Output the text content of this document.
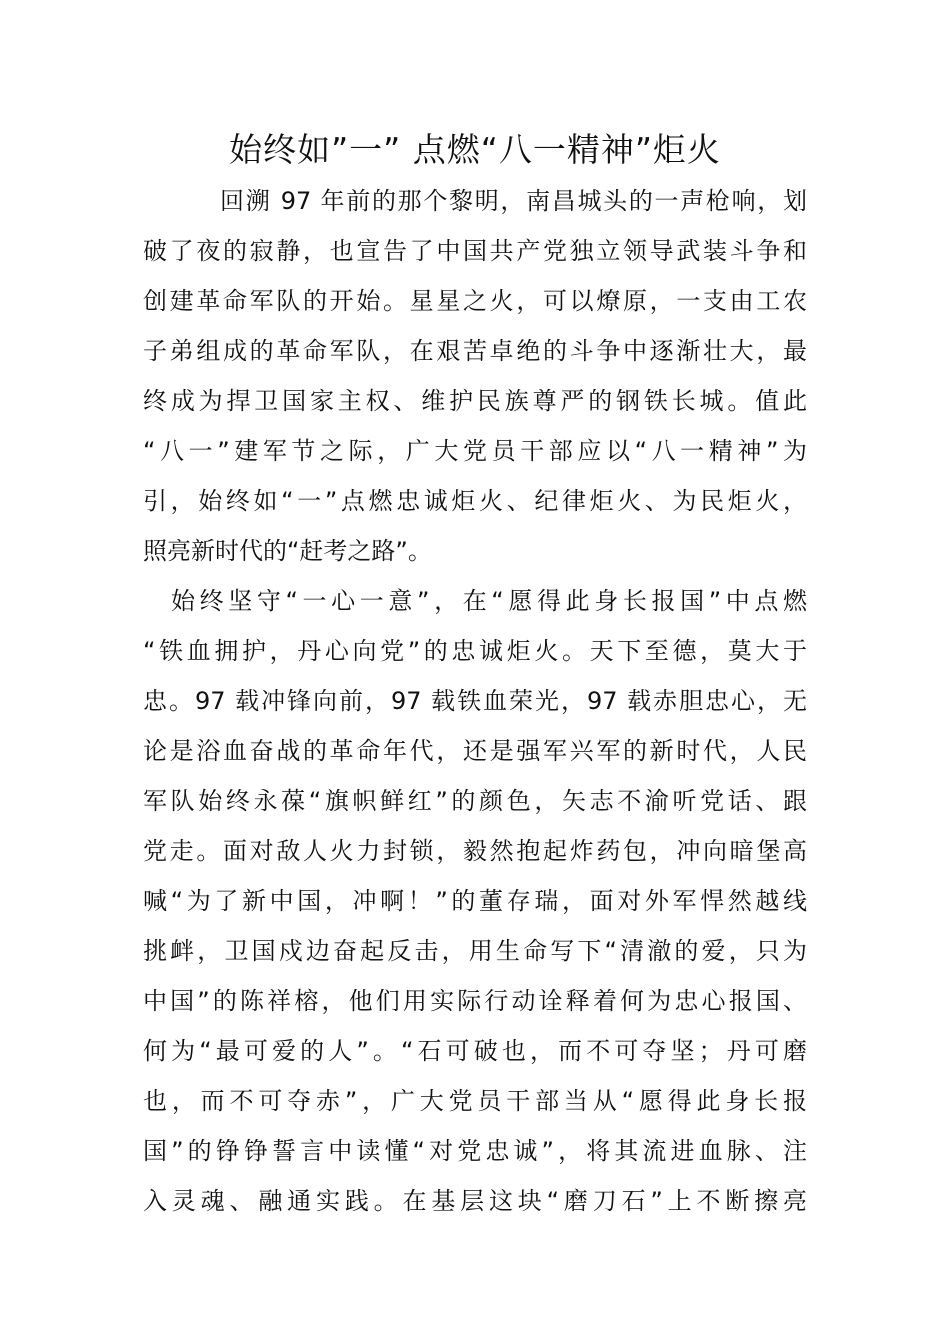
始终如”一” 点燃“八一精神”炬火
回溯 97 年前的那个黎明，南昌城头的一声枪响，划
破了夜的寂静，也宣告了中国共产党独立领导武装斗争和
创建革命军队的开始。星星之火，可以燎原，一支由工农
子弟组成的革命军队，在艰苦卓绝的斗争中逐渐壮大，最
终成为捍卫国家主权、维护民族尊严的钢铁长城。值此
“八一”建军节之际，广大党员干部应以“八一精神”为
引，始终如“一”点燃忠诚炬火、纪律炬火、为民炬火，
照亮新时代的“赶考之路”。
始终坚守“一心一意”，在“愿得此身长报国”中点燃
“铁血拥护，丹心向党”的忠诚炬火。天下至德，莫大于
忠。97 载冲锋向前，97 载铁血荣光，97 载赤胆忠心，无
论是浴血奋战的革命年代，还是强军兴军的新时代，人民
军队始终永葆“旗帜鲜红”的颜色，矢志不渝听党话、跟
党走。面对敌人火力封锁，毅然抱起炸药包，冲向暗堡高
喊“为了新中国，冲啊！”的董存瑞，面对外军悍然越线
挑衅，卫国戍边奋起反击，用生命写下“清澈的爱，只为
中国”的陈祥榕，他们用实际行动诠释着何为忠心报国、
何为“最可爱的人”。“石可破也，而不可夺坚；丹可磨
也，而不可夺赤”，广大党员干部当从“愿得此身长报
国”的铮铮誓言中读懂“对党忠诚”，将其流进血脉、注
入灵魂、融通实践。在基层这块“磨刀石”上不断擦亮
